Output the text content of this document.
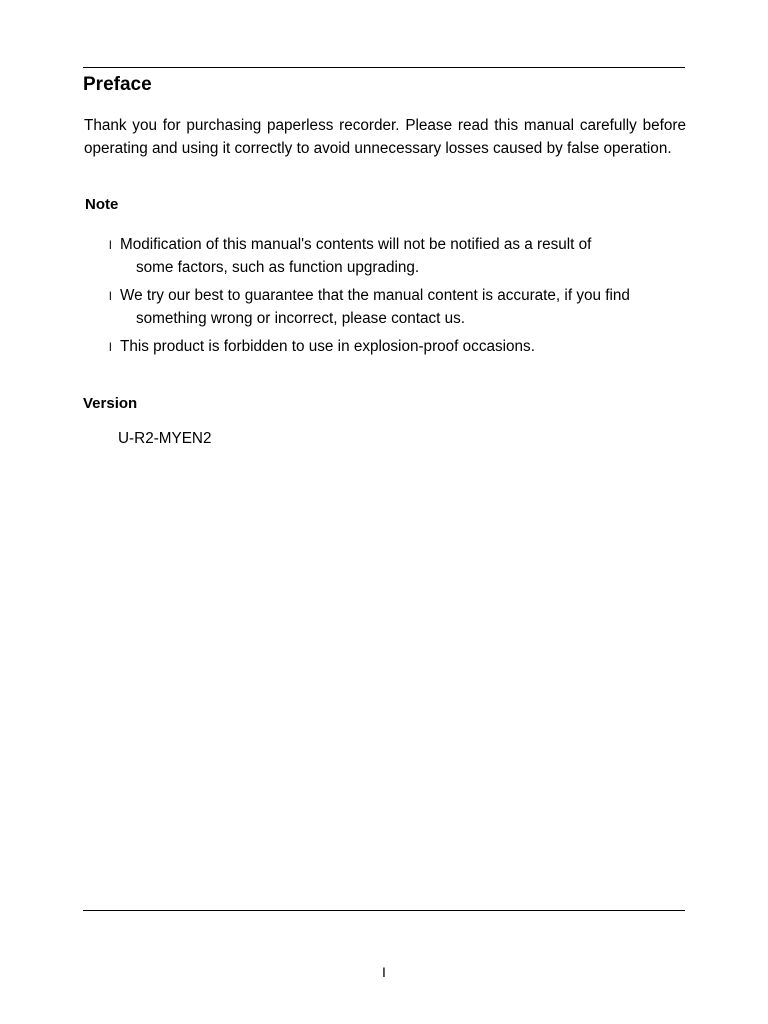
Preface

Thank you for purchasing paperless recorder. Please read this manual carefully before operating and using it correctly to avoid unnecessary losses caused by false operation.

Note
l Modification of this manual's contents will not be notified as a result of
some factors, such as function upgrading.
l We try our best to guarantee that the manual content is accurate, if you find
something wrong or incorrect, please contact us.
l This product is forbidden to use in explosion-proof occasions.
Version

U-R2-MYEN2

I
